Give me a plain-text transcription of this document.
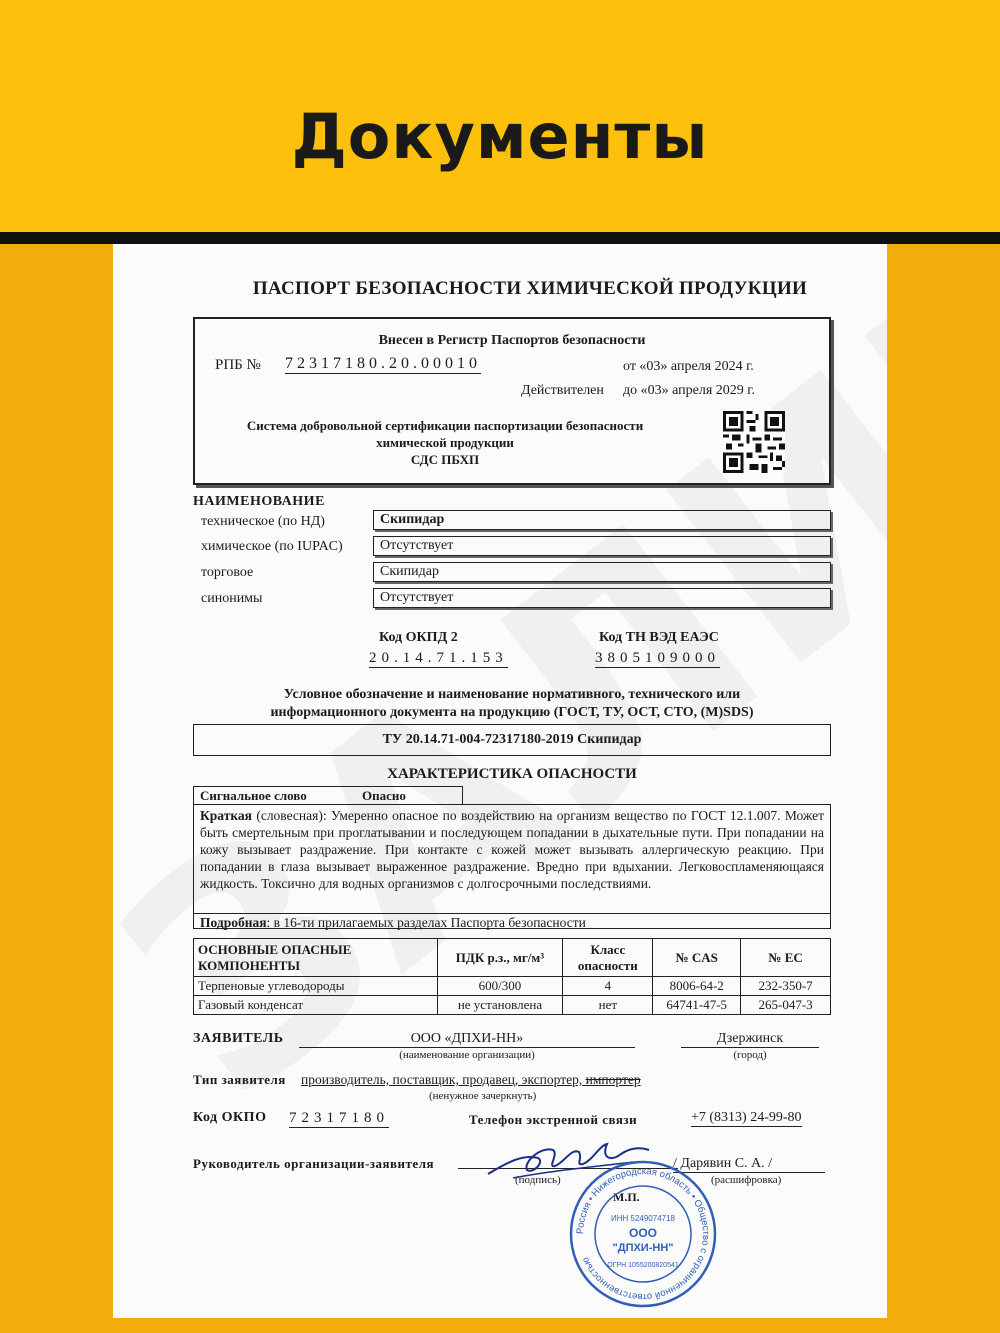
Документы
ПАСПОРТ БЕЗОПАСНОСТИ ХИМИЧЕСКОЙ ПРОДУКЦИИ
Внесен в Регистр Паспортов безопасности
РПБ № 72317180.20.00010	от «03» апреля 2024 г.
Действителен до «03» апреля 2029 г.
Система добровольной сертификации паспортизации безопасности
химической продукции
СДС ПБХП
НАИМЕНОВАНИЕ
техническое (по НД)	Скипидар
химическое (по IUPAC)	Отсутствует
торговое	Скипидар
синонимы	Отсутствует
Код ОКПД 2
20.14.71.153
Код ТН ВЭД ЕАЭС
3805109000
Условное обозначение и наименование нормативного, технического или
информационного документа на продукцию (ГОСТ, ТУ, ОСТ, СТО, (М)SDS)
ТУ 20.14.71-004-72317180-2019 Скипидар
ХАРАКТЕРИСТИКА ОПАСНОСТИ
Сигнальное слово	Опасно
Краткая (словесная): Умеренно опасное по воздействию на организм вещество по ГОСТ 12.1.007. Может быть смертельным при проглатывании и последующем попадании в дыхательные пути. При попадании на кожу вызывает раздражение. При контакте с кожей может вызывать аллергическую реакцию. При попадании в глаза вызывает выраженное раздражение. Вредно при вдыхании. Легковоспламеняющаяся жидкость. Токсично для водных организмов с долгосрочными последствиями.
Подробная: в 16-ти прилагаемых разделах Паспорта безопасности
ОСНОВНЫЕ ОПАСНЫЕ КОМПОНЕНТЫ	ПДК р.з., мг/м³	Класс опасности	№ CAS	№ ЕС
Терпеновые углеводороды	600/300	4	8006-64-2	232-350-7
Газовый конденсат	не установлена	нет	64741-47-5	265-047-3
ЗАЯВИТЕЛЬ	ООО «ДПХИ-НН»
(наименование организации)
Дзержинск
(город)
Тип заявителя производитель, поставщик, продавец, экспортер, импортер
(ненужное зачеркнуть)
Код ОКПО 72317180	Телефон экстренной связи	+7 (8313) 24-99-80
Руководитель организации-заявителя	/ Дарявин С. А. /
(подпись)	(расшифровка)
М.П.
Россия • Нижегородская область • Общество с ограниченной ответственностью
ИНН 5249074718
ООО
"ДПХИ-НН"
ОГРН 1055200820541
